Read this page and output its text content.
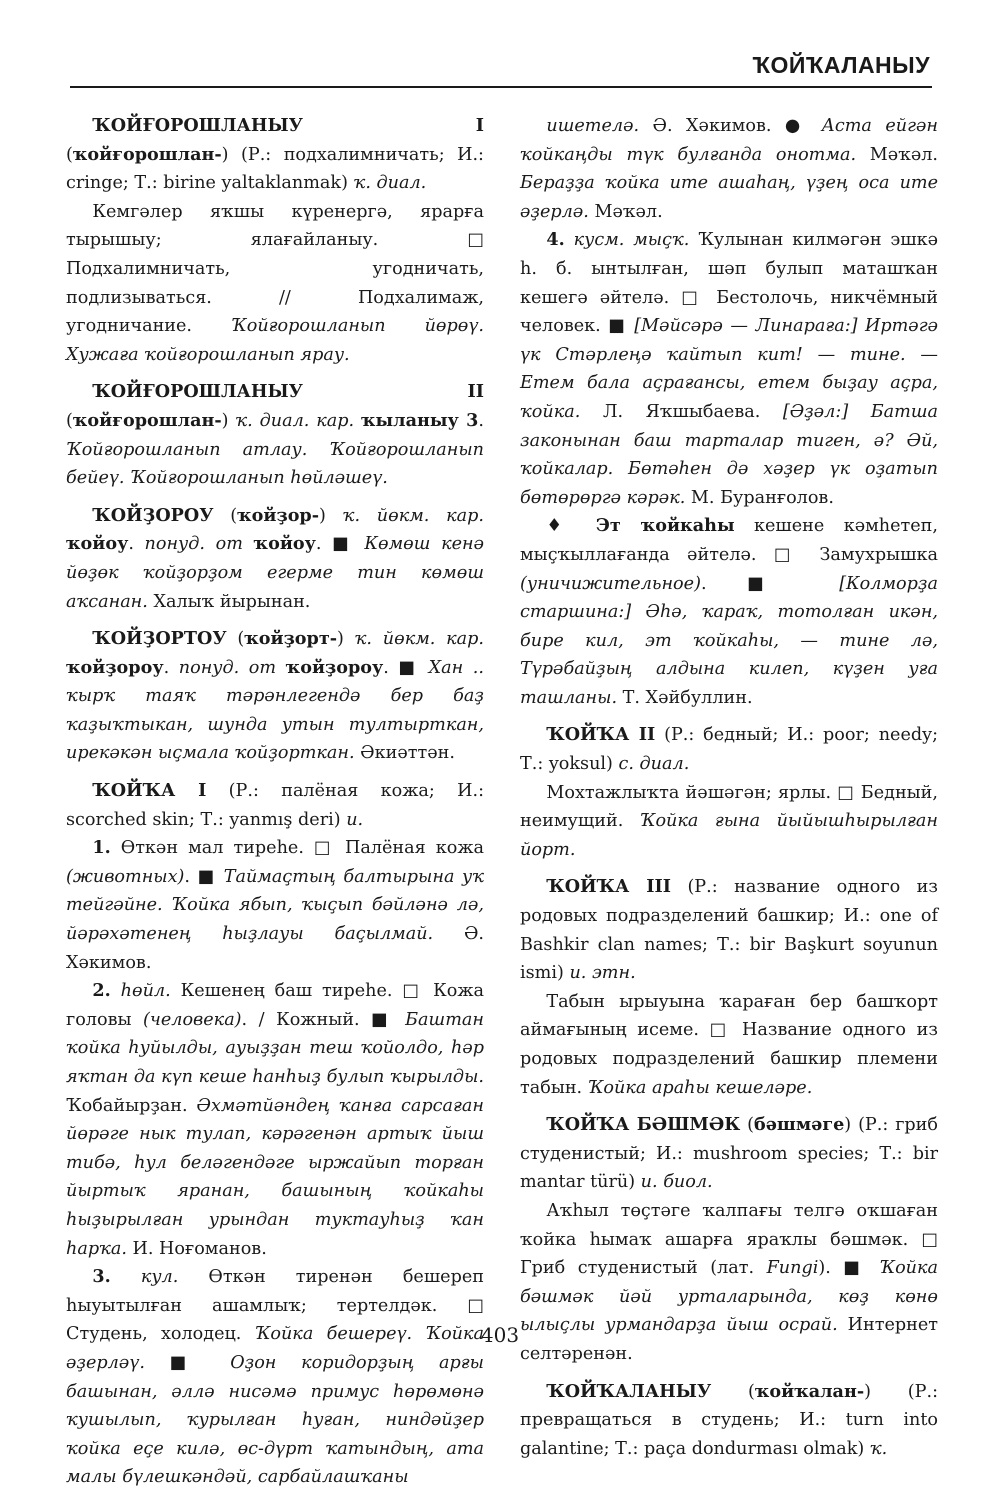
ҠОЙҠАЛАНЫУ

ҠОЙҒОРОШЛАНЫУ I (ҡойғорошлан-) (Р.: подхалимничать; И.: cringe; Т.: birine yaltaklanmak) ҡ. диал.

Кемгәлер яҡшы күренергә, ярарға тырышыу; ялағайланыу. □ Подхалимничать, угодничать, подлизываться. // Подхалимаж, угодничание. Ҡойғорошланып йөрөү. Хужаға ҡойғорошланып ярау.

ҠОЙҒОРОШЛАНЫУ II (ҡойғорошлан-) ҡ. диал. кар. ҡыланыу 3. Ҡойғорошланып атлау. Ҡойғорошланып бейеү. Ҡойғорошланып һөйләшеү.

ҠОЙҘОРОУ (ҡойҙор-) ҡ. йөкм. кар. ҡойоу. понуд. от ҡойоу. ■ Көмөш кенә йөҙөк ҡойҙорҙом егерме тин көмөш аҡсанан. Халыҡ йырынан.

ҠОЙҘОРТОУ (ҡойҙорт-) ҡ. йөкм. кар. ҡойҙороу. понуд. от ҡойҙороу. ■ Хан .. ҡырҡ таяҡ тәрәнлегендә бер баҙ ҡаҙыҡтыкан, шунда утын тултырткан, ирекәкән ыҫмала ҡойҙорткан. Әкиәттән.

ҠОЙҠА I (Р.: палёная кожа; И.: scorched skin; Т.: yanmış deri) и.

1. Өткән мал тиреһе. □ Палёная кожа (животных). ■ Таймаҫтың балтырына уҡ тейгәйне. Ҡойка ябып, ҡыҫып бәйләнә лә, йәрәхәтенең һыҙлауы баҫылмай. Ә. Хәкимов.

2. һөйл. Кешенең баш тиреһе. □ Кожа головы (человека). / Кожный. ■ Баштан ҡойка һуйылды, ауыҙҙан теш ҡойолдо, һәр яҡтан да күп кеше һанһыҙ булып ҡырылды. Ҡобайырҙан. Әхмәтйәндең ҡанға сарсаған йөрәге нык тулап, кәрәгенән артыҡ йыш тибә, һул беләгендәге ыржайып торған йыртыҡ яранан, башының ҡойкаһы һыҙырылған урындан туктауһыҙ ҡан һарҡа. И. Ноғоманов.

3. кул. Өткән тиренән бешереп һыуытылған ашамлыҡ; тертелдәк. □ Студень, холодец. Ҡойка бешереү. Ҡойка әҙерләү. ■ Оҙон коридорҙың арғы башынан, әллә нисәмә примус һөрөмөнә ҡушылып, ҡурылған һуған, ниндәйҙер ҡойка еҫе килә, өс-дүрт ҡатындың, ата малы бүлешкәндәй, сарбайлашҡаны

ишетелә. Ә. Хәкимов. ● Аста ейгән ҡойкаңды түк булғанда онотма. Мәҡәл. Бераҙҙа ҡойка ите ашаһаң, үҙең оса ите әҙерлә. Мәҡәл.

4. кусм. мыҫҡ. Ҡулынан килмәгән эшкә һ. б. ынтылған, шәп булып маташҡан кешегә әйтелә. □ Бестолочь, никчёмный человек. ■ [Мәйсәрә — Линараға:] Иртәгә үк Стәрлеңә ҡайтып кит! — тине. — Етем бала аҫрағансы, етем быҙау аҫра, ҡойка. Л. Яҡшыбаева. [Әҙәл:] Батша законынан баш тарталар тиген, ә? Әй, ҡойкалар. Бөтәһен дә хәҙер үк оҙатып бөтөрөргә кәрәк. М. Буранғолов.

♦ Эт ҡойкаһы кешене кәмһетеп, мыҫҡыллағанда әйтелә. □ Замухрышка (уничижительное). ■ [Колморҙа старшина:] Әһә, ҡараҡ, тотолған икән, бире кил, эт ҡойкаһы, — тине лә, Түрәбайҙың алдына килеп, күҙен уға ташланы. Т. Хәйбуллин.

ҠОЙҠА II (Р.: бедный; И.: poor; needy; Т.: yoksul) с. диал.

Мохтажлыҡта йәшәгән; ярлы. □ Бедный, неимущий. Ҡойка ғына йыйышһырылған йорт.

ҠОЙҠА III (Р.: название одного из родовых подразделений башкир; И.: one of Bashkir clan names; Т.: bir Başkurt soyunun ismi) и. этн.

Табын ырыуына ҡараған бер башҡорт аймағының исеме. □ Название одного из родовых подразделений башкир племени табын. Ҡойка араһы кешеләре.

ҠОЙҠА БӘШМӘК (бәшмәге) (Р.: гриб студенистый; И.: mushroom species; Т.: bir mantar türü) и. биол.

Аҡһыл төҫтәге ҡалпағы телгә оҡшаған ҡойка һымаҡ ашарға яраҡлы бәшмәк. □ Гриб студенистый (лат. Fungi). ■ Ҡойка бәшмәк йәй урталарында, көҙ көнө ылыҫлы урмандарҙа йыш осрай. Интернет селтәренән.

ҠОЙҠАЛАНЫУ (ҡойҡалан-) (Р.: превращаться в студень; И.: turn into galantine; Т.: paça dondurması olmak) ҡ.

403
